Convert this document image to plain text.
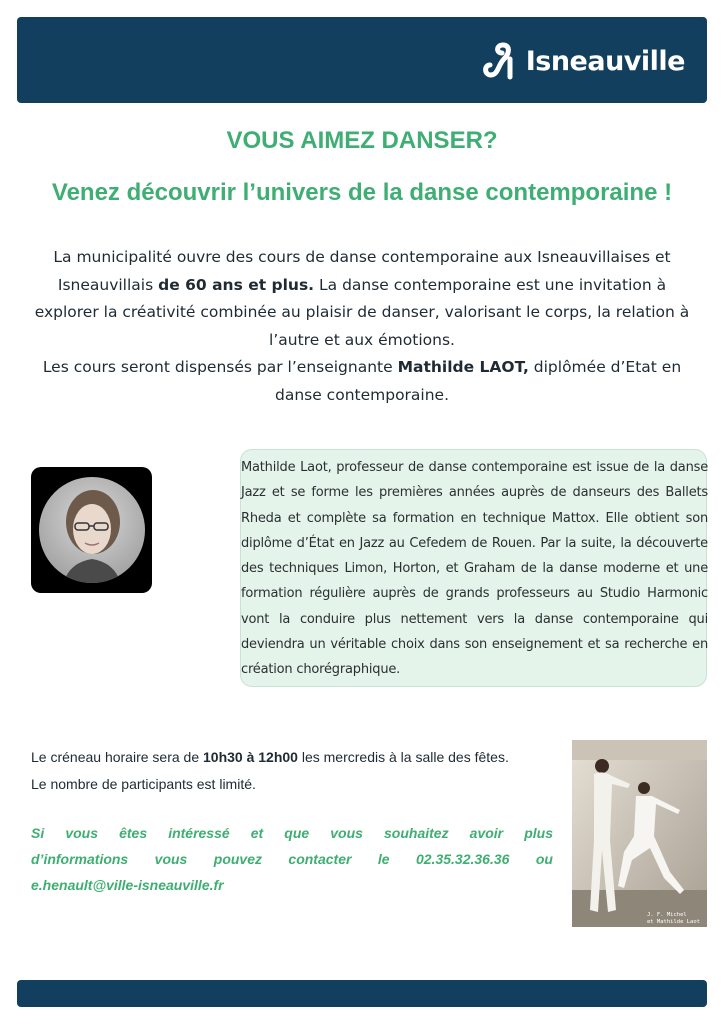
Isneauville
VOUS AIMEZ DANSER?
Venez découvrir l’univers de la danse contemporaine !

La municipalité ouvre des cours de danse contemporaine aux Isneauvillaises et Isneauvillais de 60 ans et plus. La danse contemporaine est une invitation à explorer la créativité combinée au plaisir de danser, valorisant le corps, la relation à l’autre et aux émotions.

Les cours seront dispensés par l’enseignante Mathilde LAOT, diplômée d’Etat en danse contemporaine.

Mathilde Laot, professeur de danse contemporaine est issue de la danse Jazz et se forme les premières années auprès de danseurs des Ballets Rheda et complète sa formation en technique Mattox. Elle obtient son diplôme d’État en Jazz au Cefedem de Rouen. Par la suite, la découverte des techniques Limon, Horton, et Graham de la danse moderne et une formation régulière auprès de grands professeurs au Studio Harmonic vont la conduire plus nettement vers la danse contemporaine qui deviendra un véritable choix dans son enseignement et sa recherche en création chorégraphique.

Le créneau horaire sera de 10h30 à 12h00 les mercredis à la salle des fêtes.
Le nombre de participants est limité.
Si vous êtes intéressé et que vous souhaitez avoir plus
d’informations vous pouvez contacter le 02.35.32.36.36 ou
e.henault@ville-isneauville.fr
J. F. Michel
et Mathilde Laot
